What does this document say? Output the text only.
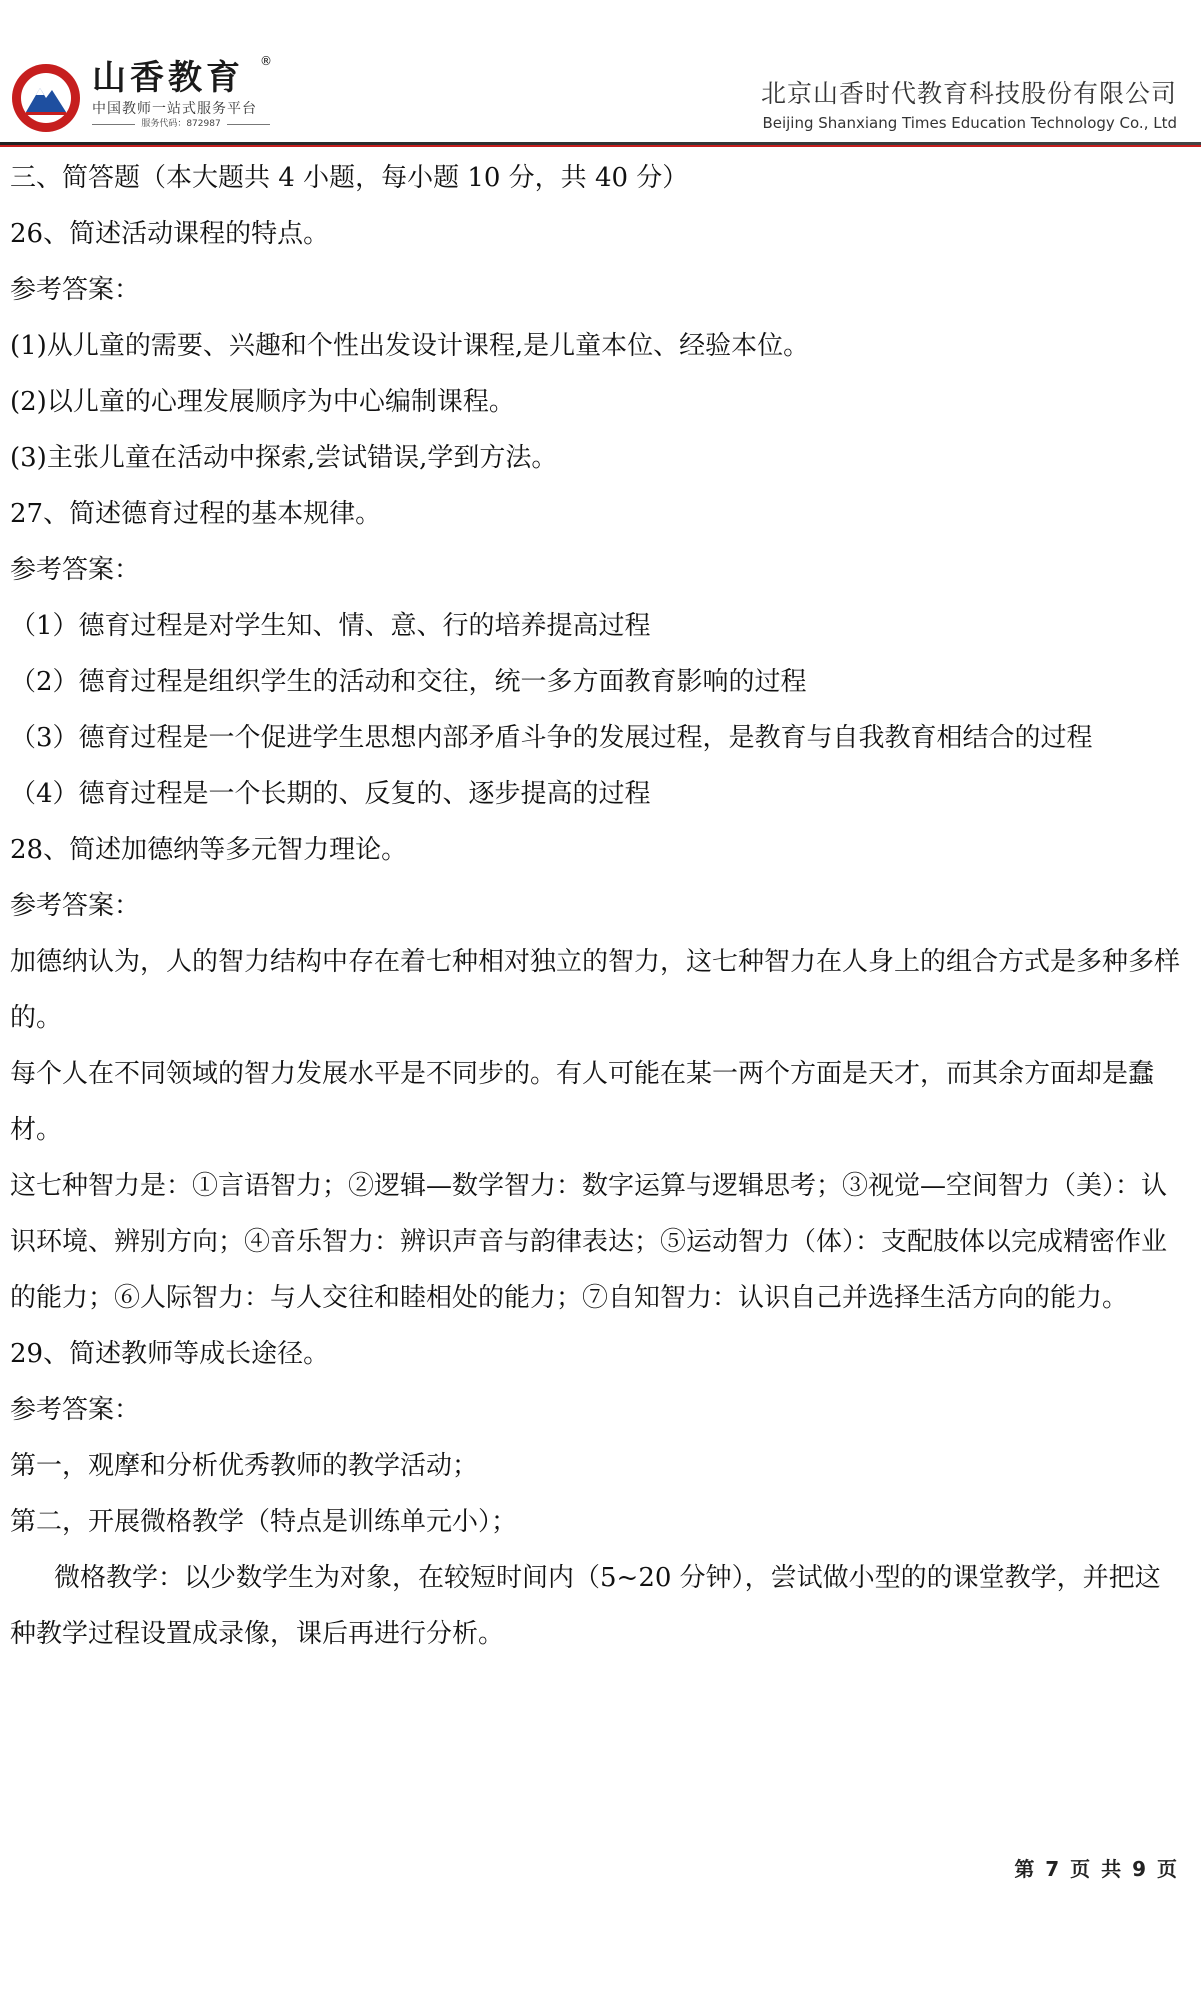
山香教育	®
中国教师一站式服务平台
服务代码：872987
北京山香时代教育科技股份有限公司
Beijing Shanxiang Times Education Technology Co., Ltd

三、简答题（本大题共 4 小题，每小题 10 分，共 40 分）

26、简述活动课程的特点。

参考答案：

(1)从儿童的需要、兴趣和个性出发设计课程,是儿童本位、经验本位。

(2)以儿童的心理发展顺序为中心编制课程。

(3)主张儿童在活动中探索,尝试错误,学到方法。

27、简述德育过程的基本规律。

参考答案：

（1）德育过程是对学生知、情、意、行的培养提高过程

（2）德育过程是组织学生的活动和交往，统一多方面教育影响的过程

（3）德育过程是一个促进学生思想内部矛盾斗争的发展过程，是教育与自我教育相结合的过程

（4）德育过程是一个长期的、反复的、逐步提高的过程

28、简述加德纳等多元智力理论。

参考答案：

加德纳认为，人的智力结构中存在着七种相对独立的智力，这七种智力在人身上的组合方式是多种多样的。

每个人在不同领域的智力发展水平是不同步的。有人可能在某一两个方面是天才，而其余方面却是蠢材。

这七种智力是：①言语智力；②逻辑—数学智力：数字运算与逻辑思考；③视觉—空间智力（美）：认识环境、辨别方向；④音乐智力：辨识声音与韵律表达；⑤运动智力（体）：支配肢体以完成精密作业的能力；⑥人际智力：与人交往和睦相处的能力；⑦自知智力：认识自己并选择生活方向的能力。

29、简述教师等成长途径。

参考答案：

第一，观摩和分析优秀教师的教学活动；

第二，开展微格教学（特点是训练单元小）；

微格教学：以少数学生为对象，在较短时间内（5~20 分钟），尝试做小型的的课堂教学，并把这种教学过程设置成录像，课后再进行分析。

第 7 页 共 9 页
